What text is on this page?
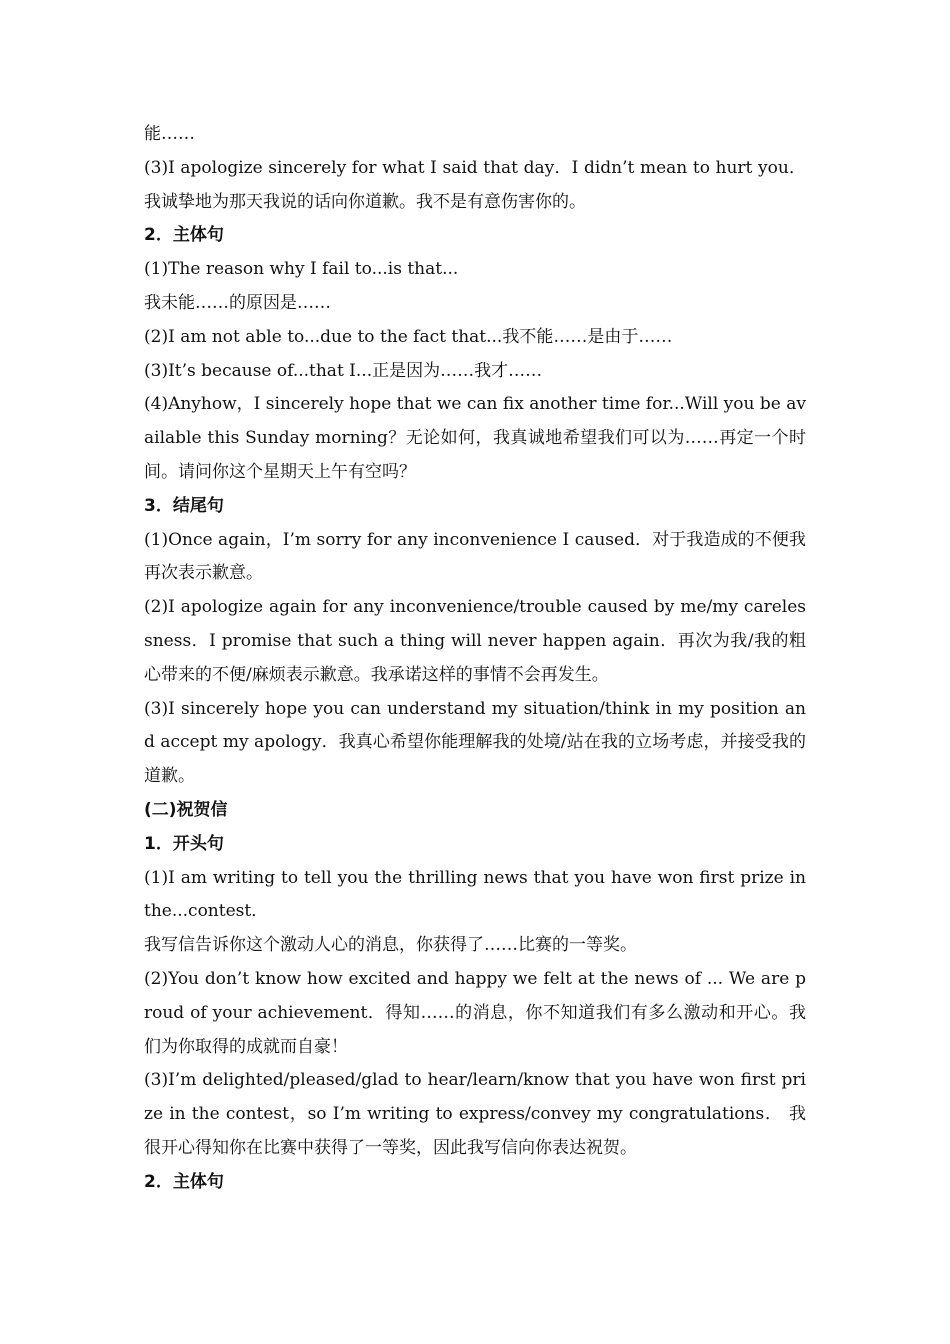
能……

(3)I apologize sincerely for what I said that day．I didn’t mean to hurt you．我诚挚地为那天我说的话向你道歉。我不是有意伤害你的。

2．主体句

(1)The reason why I fail to...is that...

我未能……的原因是……

(2)I am not able to...due to the fact that...我不能……是由于……

(3)It’s because of...that I...正是因为……我才……

(4)Anyhow，I sincerely hope that we can fix another time for...Will you be available this Sunday morning？无论如何，我真诚地希望我们可以为……再定一个时间。请问你这个星期天上午有空吗？

3．结尾句

(1)Once again，I’m sorry for any inconvenience I caused．对于我造成的不便我再次表示歉意。

(2)I apologize again for any inconvenience/trouble caused by me/my carelessness．I promise that such a thing will never happen again．再次为我/我的粗心带来的不便/麻烦表示歉意。我承诺这样的事情不会再发生。

(3)I sincerely hope you can understand my situation/think in my position and accept my apology．我真心希望你能理解我的处境/站在我的立场考虑，并接受我的道歉。

(二)祝贺信

1．开头句

(1)I am writing to tell you the thrilling news that you have won first prize in the...contest．

我写信告诉你这个激动人心的消息，你获得了……比赛的一等奖。

(2)You don’t know how excited and happy we felt at the news of ... We are proud of your achievement．得知……的消息，你不知道我们有多么激动和开心。我们为你取得的成就而自豪！

(3)I’m delighted/pleased/glad to hear/learn/know that you have won first prize in the contest，so I’m writing to express/convey my congratulations． 我很开心得知你在比赛中获得了一等奖，因此我写信向你表达祝贺。

2．主体句
